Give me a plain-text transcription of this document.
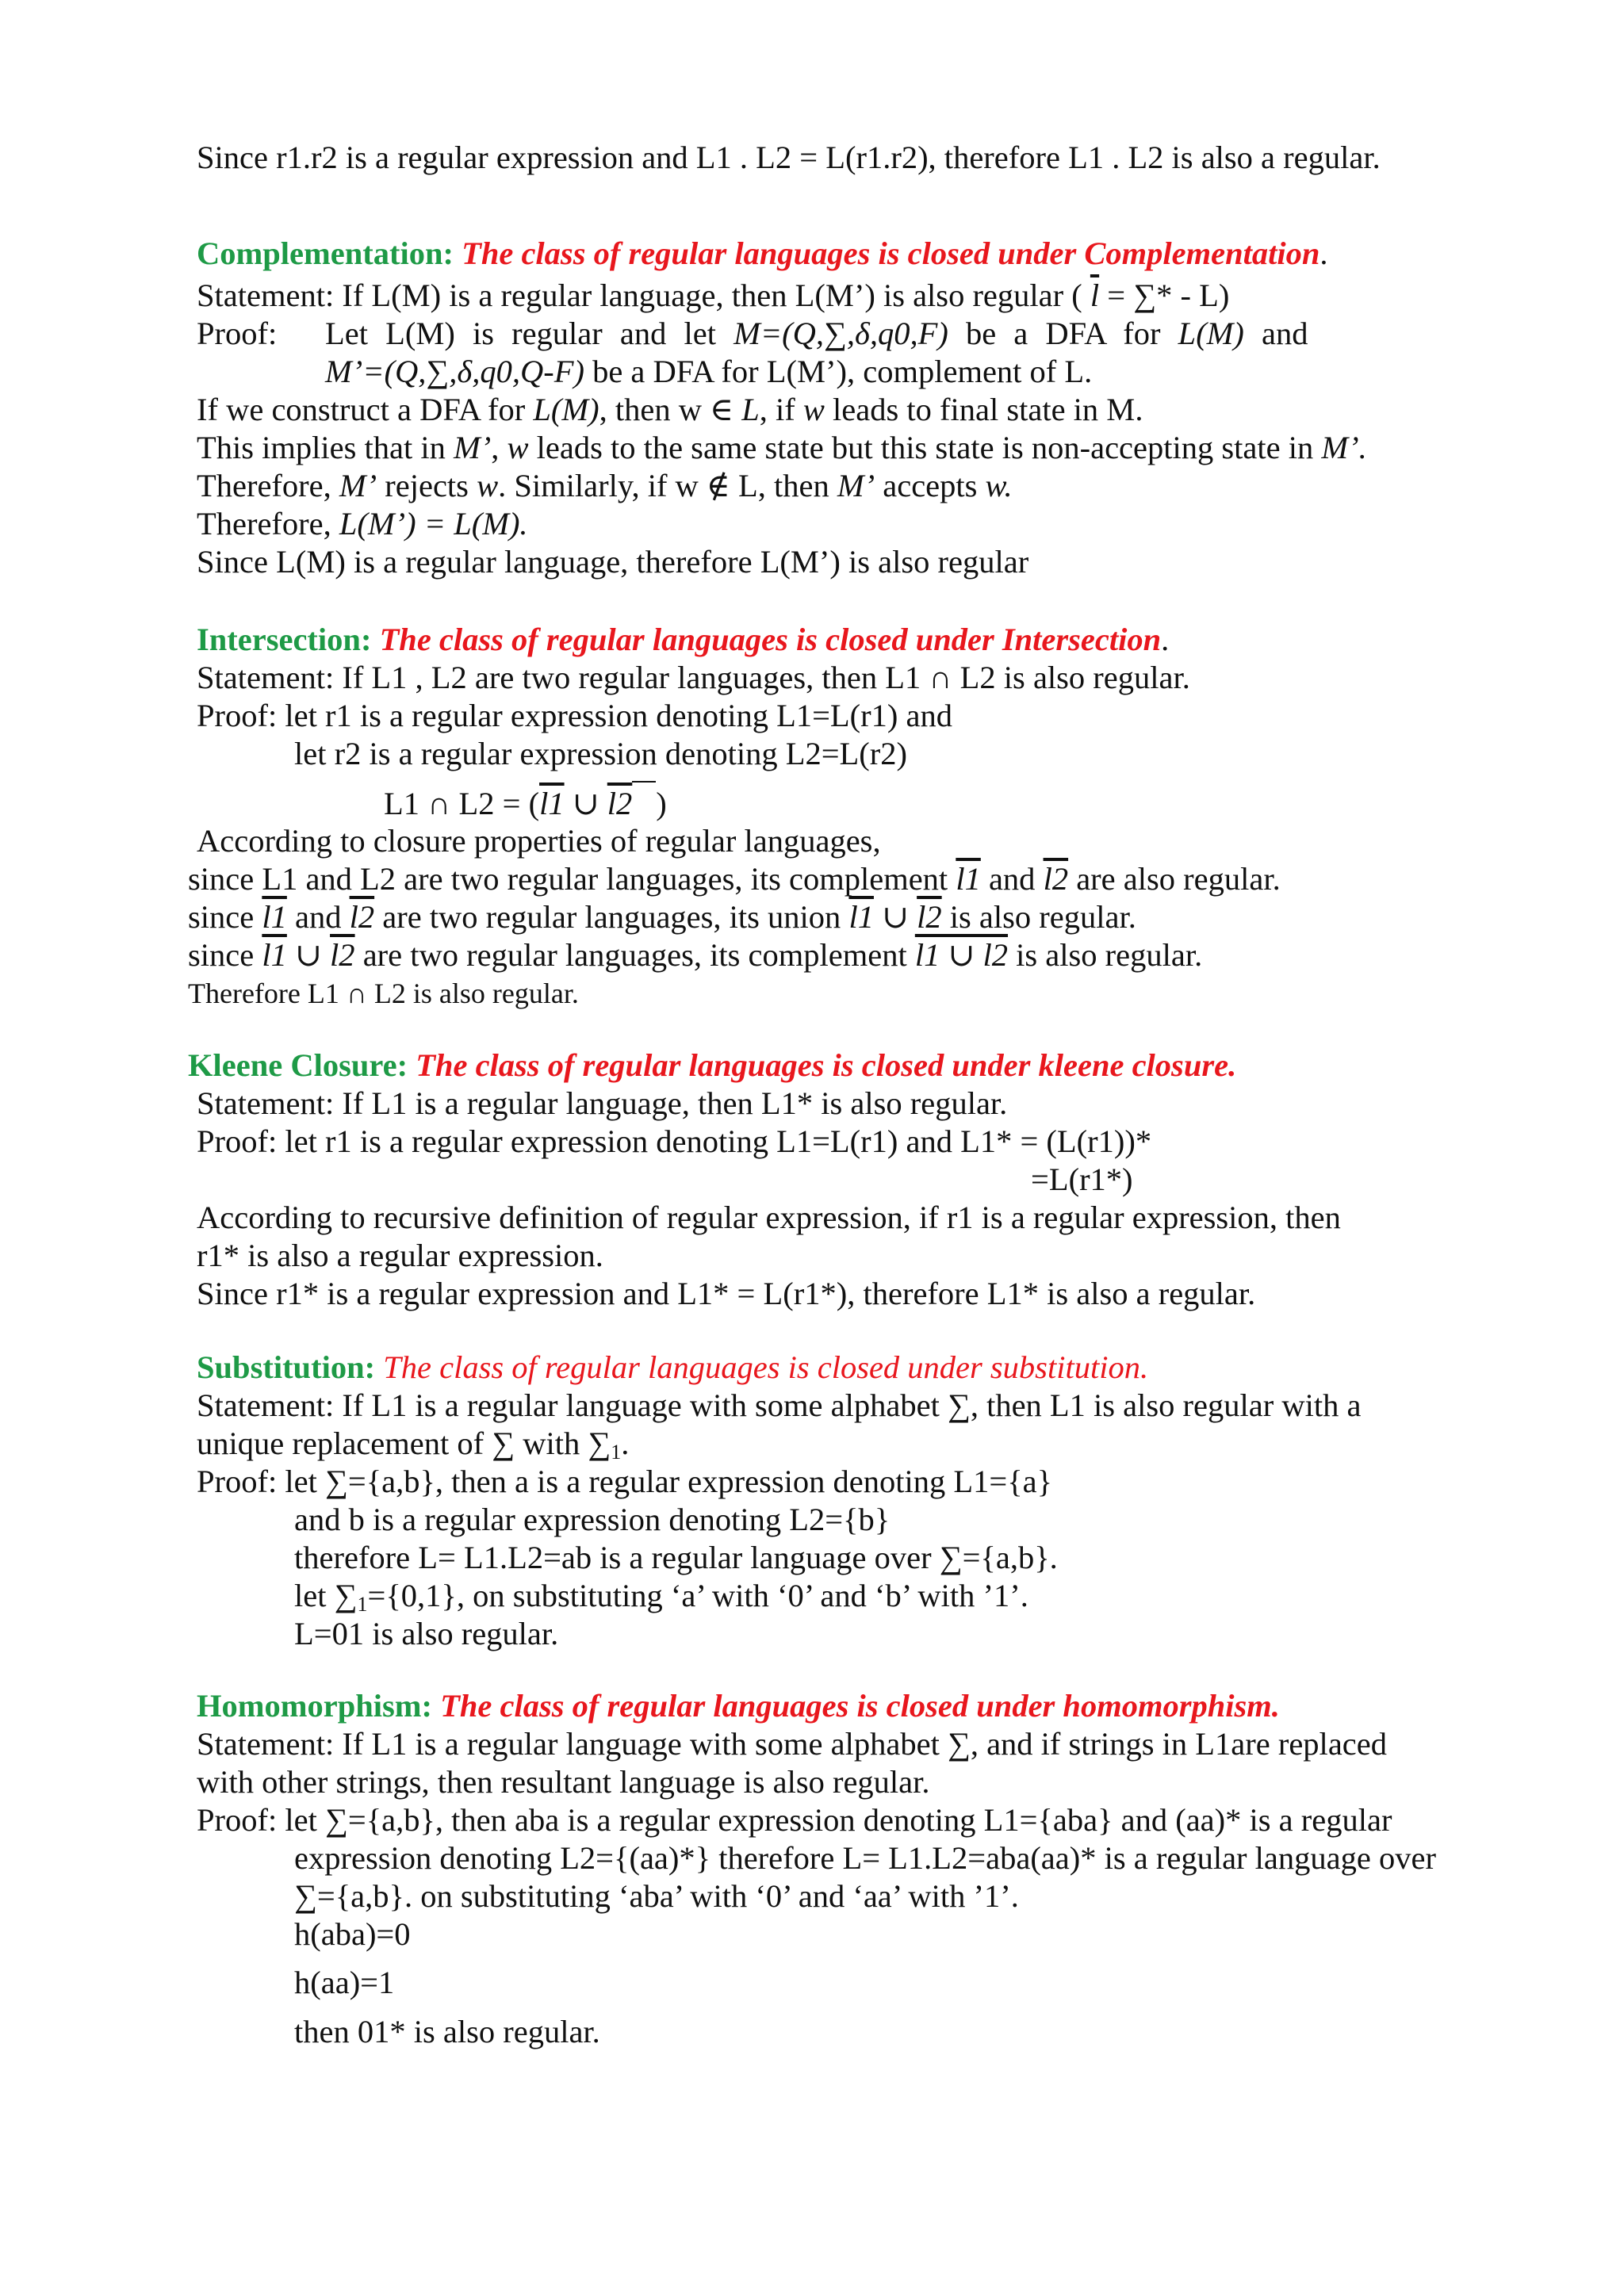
Since r1.r2 is a regular expression and L1 . L2 = L(r1.r2), therefore L1 . L2 is also a regular.
Complementation: The class of regular languages is closed under Complementation.
Statement: If L(M) is a regular language, then L(M’) is also regular ( $\overline{l}$ = ∑* - L)
Proof: Let L(M) is regular and let M=(Q,∑,δ,q0,F) be a DFA for L(M) and
M’=(Q,∑,δ,q0,Q-F) be a DFA for L(M’), complement of L.
If we construct a DFA for L(M), then w ∈ L, if w leads to final state in M.
This implies that in M’, w leads to the same state but this state is non-accepting state in M’.
Therefore, M’ rejects w. Similarly, if w ∉ L, then M’ accepts w.
Therefore, L(M’) = L(M).
Since L(M) is a regular language, therefore L(M’) is also regular
Intersection: The class of regular languages is closed under Intersection.
Statement: If L1 , L2 are two regular languages, then L1 ∩ L2 is also regular.
Proof: let r1 is a regular expression denoting L1=L(r1) and
let r2 is a regular expression denoting L2=L(r2)
L1 ∩ L2 = (l1 ∪ l2 )
According to closure properties of regular languages,
since L1 and L2 are two regular languages, its complement l1 and l2 are also regular.
since l1 and l2 are two regular languages, its union l1 ∪ l2 is also regular.
since l1 ∪ l2 are two regular languages, its complement l1 ∪ l2 is also regular.
Therefore L1 ∩ L2 is also regular.
Kleene Closure: The class of regular languages is closed under kleene closure.
Statement: If L1 is a regular language, then L1* is also regular.
Proof: let r1 is a regular expression denoting L1=L(r1) and L1* = (L(r1))*
=L(r1*)
According to recursive definition of regular expression, if r1 is a regular expression, then
r1* is also a regular expression.
Since r1* is a regular expression and L1* = L(r1*), therefore L1* is also a regular.
Substitution: The class of regular languages is closed under substitution.
Statement: If L1 is a regular language with some alphabet ∑, then L1 is also regular with a
unique replacement of ∑ with $\sum_1$.
Proof: let ∑={a,b}, then a is a regular expression denoting L1={a}
and b is a regular expression denoting L2={b}
therefore L= L1.L2=ab is a regular language over ∑={a,b}.
let $\sum_1=\{0,1\}$, on substituting ‘a’ with ‘0’ and ‘b’ with ’1’.
L=01 is also regular.
Homomorphism: The class of regular languages is closed under homomorphism.
Statement: If L1 is a regular language with some alphabet ∑, and if strings in L1are replaced
with other strings, then resultant language is also regular.
Proof: let ∑={a,b}, then aba is a regular expression denoting L1={aba} and (aa)* is a regular
expression denoting L2={(aa)*} therefore L= L1.L2=aba(aa)* is a regular language over
∑={a,b}. on substituting ‘aba’ with ‘0’ and ‘aa’ with ’1’.
h(aba)=0
h(aa)=1
then 01* is also regular.
